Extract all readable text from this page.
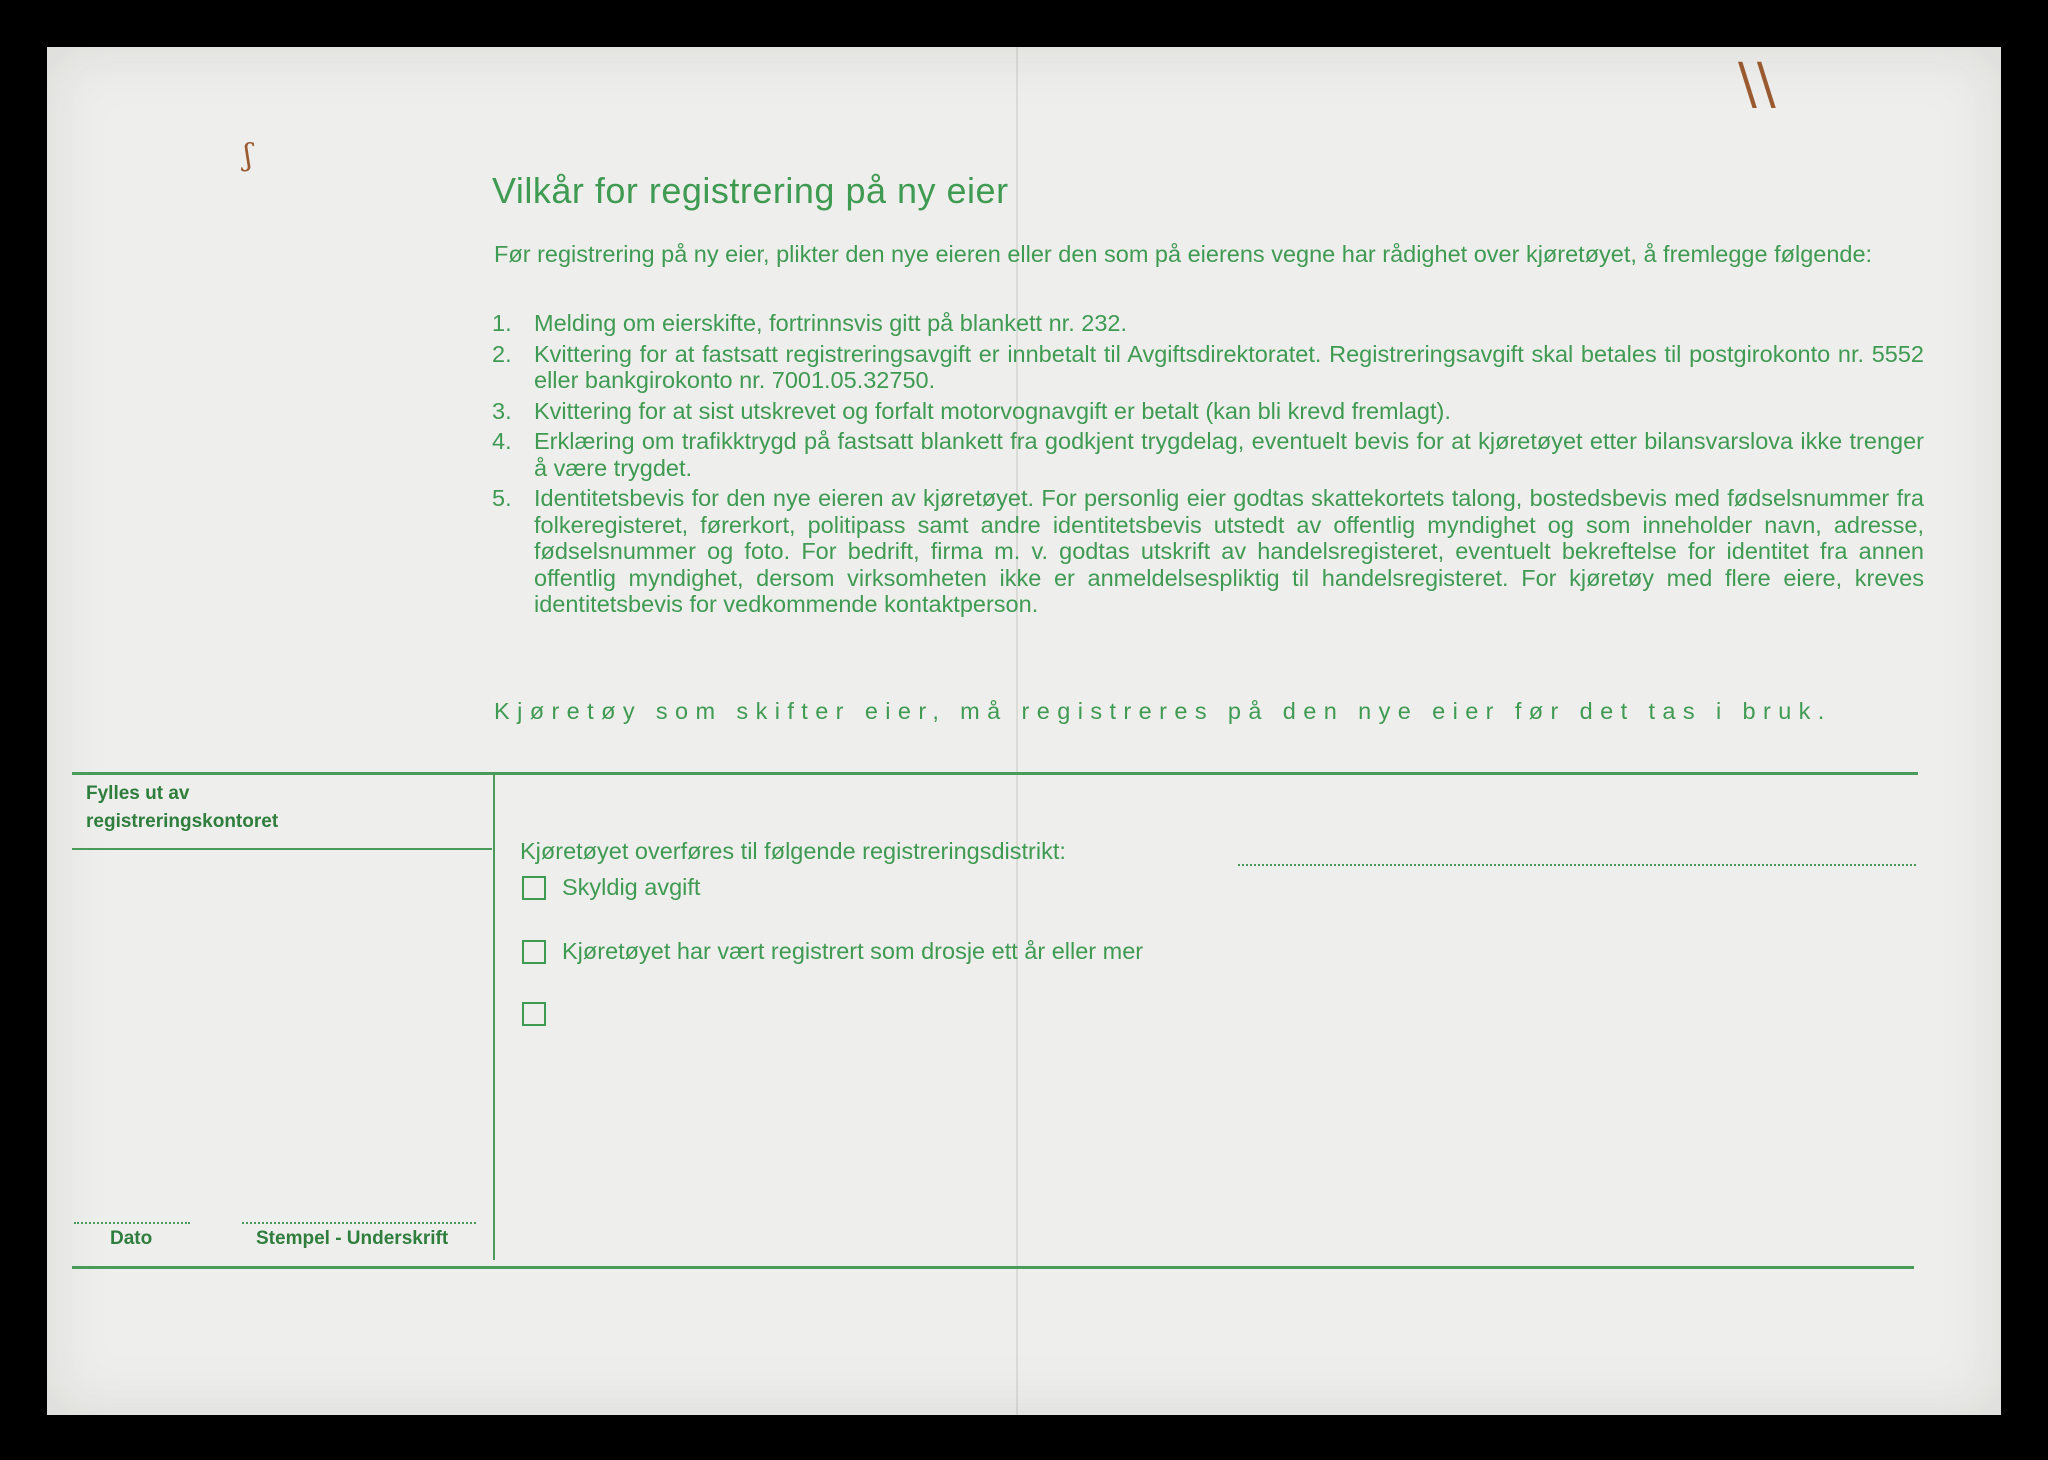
ʃ
\\
Vilkår for registrering på ny eier
Før registrering på ny eier, plikter den nye eieren eller den som på eierens vegne har rådighet over kjøretøyet, å fremlegge følgende:
1. Melding om eierskifte, fortrinnsvis gitt på blankett nr. 232.
2. Kvittering for at fastsatt registreringsavgift er innbetalt til Avgiftsdirektoratet. Registreringsavgift skal betales til postgirokonto nr. 5552 eller bankgirokonto nr. 7001.05.32750.
3. Kvittering for at sist utskrevet og forfalt motorvognavgift er betalt (kan bli krevd fremlagt).
4. Erklæring om trafikktrygd på fastsatt blankett fra godkjent trygdelag, eventuelt bevis for at kjøretøyet etter bilansvarslova ikke trenger å være trygdet.
5. Identitetsbevis for den nye eieren av kjøretøyet. For personlig eier godtas skattekortets talong, bostedsbevis med fødselsnummer fra folkeregisteret, førerkort, politipass samt andre identitetsbevis utstedt av offentlig myndighet og som inneholder navn, adresse, fødselsnummer og foto. For bedrift, firma m. v. godtas utskrift av handelsregisteret, eventuelt bekreftelse for identitet fra annen offentlig myndighet, dersom virksomheten ikke er anmeldelsespliktig til handelsregisteret. For kjøretøy med flere eiere, kreves identitetsbevis for vedkommende kontaktperson.
Kjøretøy som skifter eier, må registreres på den nye eier før det tas i bruk.
Fylles ut av
registreringskontoret
Dato	Stempel - Underskrift
Kjøretøyet overføres til følgende registreringsdistrikt:
Skyldig avgift
Kjøretøyet har vært registrert som drosje ett år eller mer
